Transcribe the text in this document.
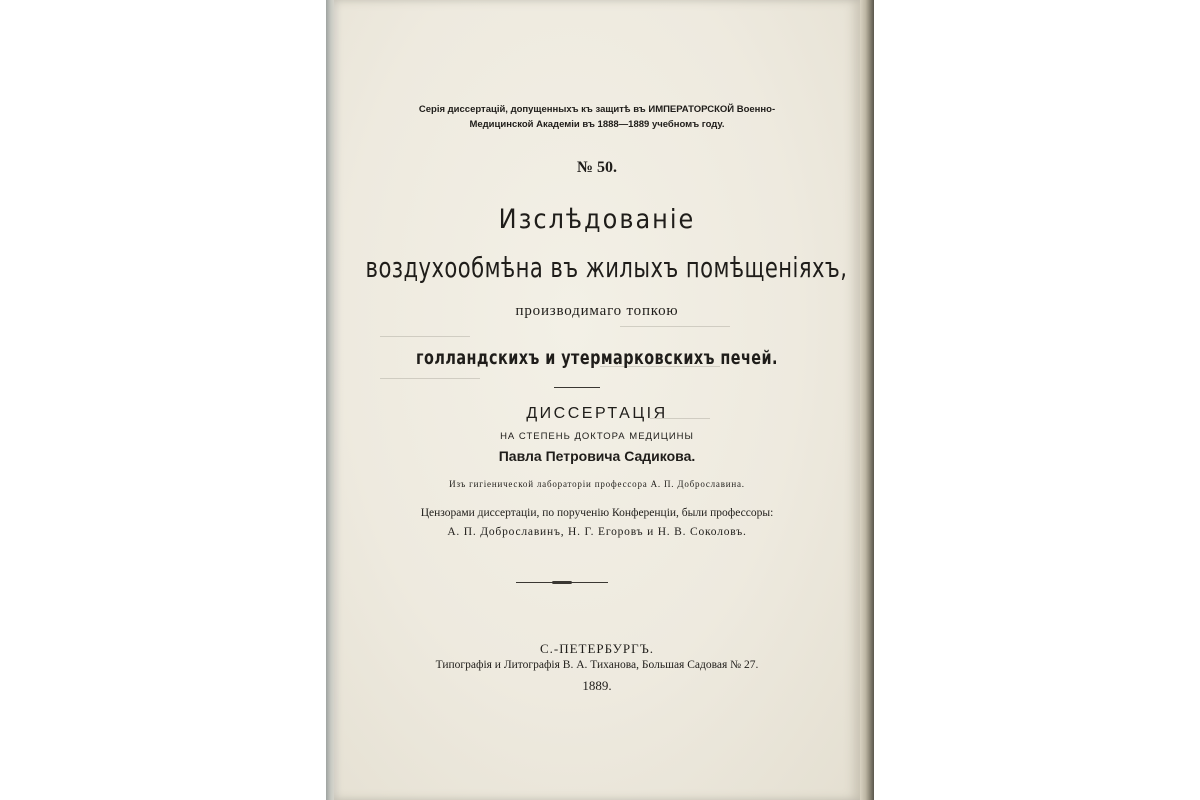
Серія диссертацій, допущенныхъ къ защитѣ въ ИМПЕРАТОРСКОЙ Военно-
Медицинской Академіи въ 1888—1889 учебномъ году.
№ 50.
Изслѣдованіе
воздухообмѣна въ жилыхъ помѣщеніяхъ,
производимаго топкою
голландскихъ и утермарковскихъ печей.
ДИССЕРТАЦІЯ
НА СТЕПЕНЬ ДОКТОРА МЕДИЦИНЫ
Павла Петровича Садикова.
Изъ гигіенической лабораторіи профессора А. П. Доброславина.
Цензорами диссертаціи, по порученію Конференціи, были профессоры:
А. П. Доброславинъ, Н. Г. Егоровъ и Н. В. Соколовъ.
С.-ПЕТЕРБУРГЪ.
Типографія и Литографія В. А. Тиханова, Большая Садовая № 27.
1889.
